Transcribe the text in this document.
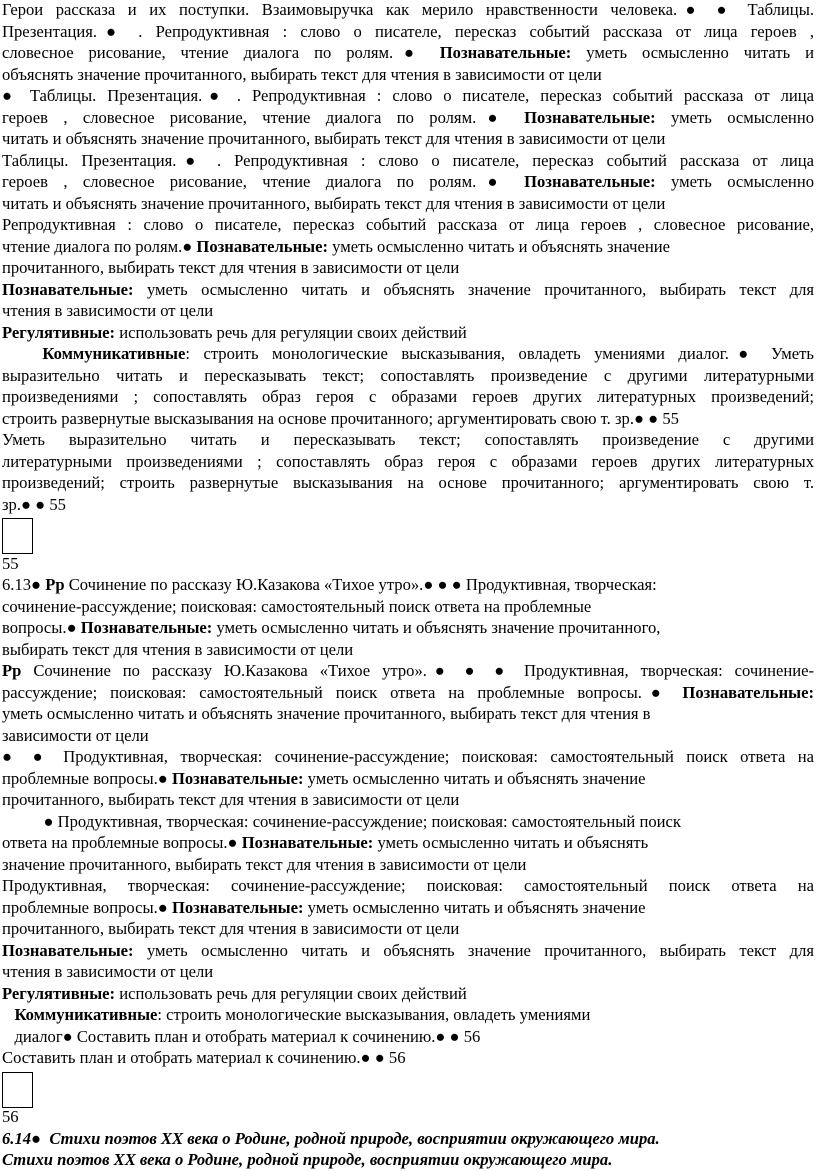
Герои рассказа и их поступки. Взаимовыручка как мерило нравственности человека.● ● Таблицы.
Презентация.● . Репродуктивная : слово о писателе, пересказ событий рассказа от лица героев ,
словесное рисование, чтение диалога по ролям.● Познавательные: уметь осмысленно читать и
объяснять значение прочитанного, выбирать текст для чтения в зависимости от цели
● Таблицы. Презентация.● . Репродуктивная : слово о писателе, пересказ событий рассказа от лица
героев , словесное рисование, чтение диалога по ролям.● Познавательные: уметь осмысленно
читать и объяснять значение прочитанного, выбирать текст для чтения в зависимости от цели
Таблицы. Презентация.● . Репродуктивная : слово о писателе, пересказ событий рассказа от лица
героев , словесное рисование, чтение диалога по ролям.● Познавательные: уметь осмысленно
читать и объяснять значение прочитанного, выбирать текст для чтения в зависимости от цели
Репродуктивная : слово о писателе, пересказ событий рассказа от лица героев , словесное рисование,
чтение диалога по ролям.● Познавательные: уметь осмысленно читать и объяснять значение
прочитанного, выбирать текст для чтения в зависимости от цели
Познавательные: уметь осмысленно читать и объяснять значение прочитанного, выбирать текст для
чтения в зависимости от цели
Регулятивные: использовать речь для регуляции своих действий
Коммуникативные: строить монологические высказывания, овладеть умениями диалог.● Уметь
выразительно читать и пересказывать текст; сопоставлять произведение с другими литературными
произведениями ; сопоставлять образ героя с образами героев других литературных произведений;
строить развернутые высказывания на основе прочитанного; аргументировать свою т. зр.● ● 55
Уметь выразительно читать и пересказывать текст; сопоставлять произведение с другими
литературными произведениями ; сопоставлять образ героя с образами героев других литературных
произведений; строить развернутые высказывания на основе прочитанного; аргументировать свою т.
зр.● ● 55
55
6.13● Рр Сочинение по рассказу Ю.Казакова «Тихое утро».● ● ● Продуктивная, творческая:
сочинение-рассуждение; поисковая: самостоятельный поиск ответа на проблемные
вопросы.● Познавательные: уметь осмысленно читать и объяснять значение прочитанного,
выбирать текст для чтения в зависимости от цели
Рр Сочинение по рассказу Ю.Казакова «Тихое утро».● ● ● Продуктивная, творческая: сочинение-
рассуждение; поисковая: самостоятельный поиск ответа на проблемные вопросы.● Познавательные:
уметь осмысленно читать и объяснять значение прочитанного, выбирать текст для чтения в
зависимости от цели
● ● Продуктивная, творческая: сочинение-рассуждение; поисковая: самостоятельный поиск ответа на
проблемные вопросы.● Познавательные: уметь осмысленно читать и объяснять значение
прочитанного, выбирать текст для чтения в зависимости от цели
● Продуктивная, творческая: сочинение-рассуждение; поисковая: самостоятельный поиск
ответа на проблемные вопросы.● Познавательные: уметь осмысленно читать и объяснять
значение прочитанного, выбирать текст для чтения в зависимости от цели
Продуктивная, творческая: сочинение-рассуждение; поисковая: самостоятельный поиск ответа на
проблемные вопросы.● Познавательные: уметь осмысленно читать и объяснять значение
прочитанного, выбирать текст для чтения в зависимости от цели
Познавательные: уметь осмысленно читать и объяснять значение прочитанного, выбирать текст для
чтения в зависимости от цели
Регулятивные: использовать речь для регуляции своих действий
Коммуникативные: строить монологические высказывания, овладеть умениями
диалог● Составить план и отобрать материал к сочинению.● ● 56
Составить план и отобрать материал к сочинению.● ● 56
56
6.14●  Стихи поэтов XX века о Родине, родной природе, восприятии окружающего мира.
Стихи поэтов XX века о Родине, родной природе, восприятии окружающего мира.
